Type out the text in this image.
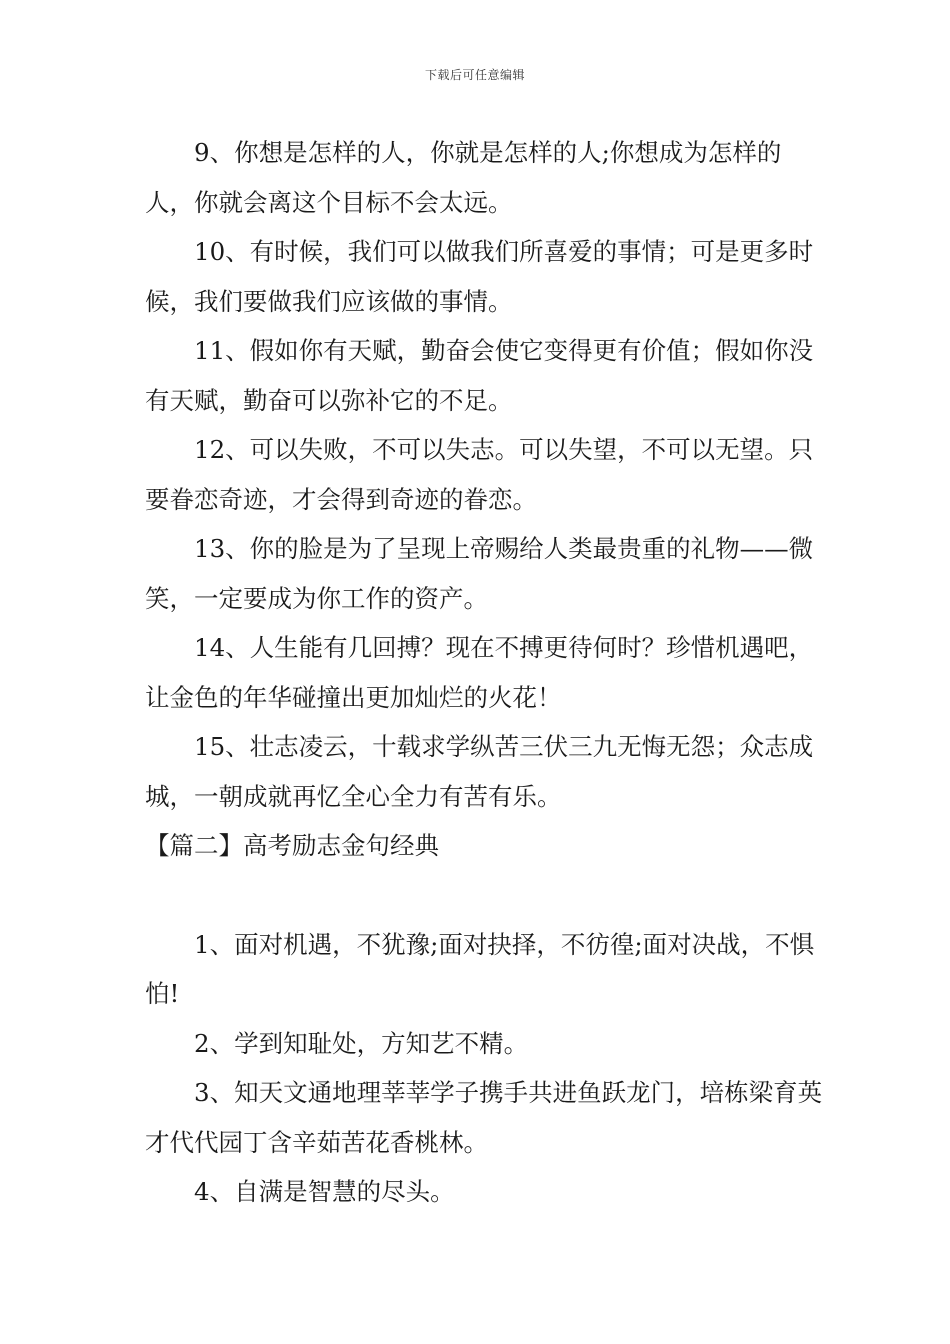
下载后可任意编辑

9、你想是怎样的人，你就是怎样的人;你想成为怎样的人，你就会离这个目标不会太远。

10、有时候，我们可以做我们所喜爱的事情；可是更多时候，我们要做我们应该做的事情。

11、假如你有天赋，勤奋会使它变得更有价值；假如你没有天赋，勤奋可以弥补它的不足。

12、可以失败，不可以失志。可以失望，不可以无望。只要眷恋奇迹，才会得到奇迹的眷恋。

13、你的脸是为了呈现上帝赐给人类最贵重的礼物——微笑，一定要成为你工作的资产。

14、人生能有几回搏？现在不搏更待何时？珍惜机遇吧，让金色的年华碰撞出更加灿烂的火花！

15、壮志凌云，十载求学纵苦三伏三九无悔无怨；众志成城，一朝成就再忆全心全力有苦有乐。

【篇二】高考励志金句经典

1、面对机遇，不犹豫;面对抉择，不彷徨;面对决战，不惧怕!

2、学到知耻处，方知艺不精。

3、知天文通地理莘莘学子携手共进鱼跃龙门，培栋梁育英才代代园丁含辛茹苦花香桃林。

4、自满是智慧的尽头。
